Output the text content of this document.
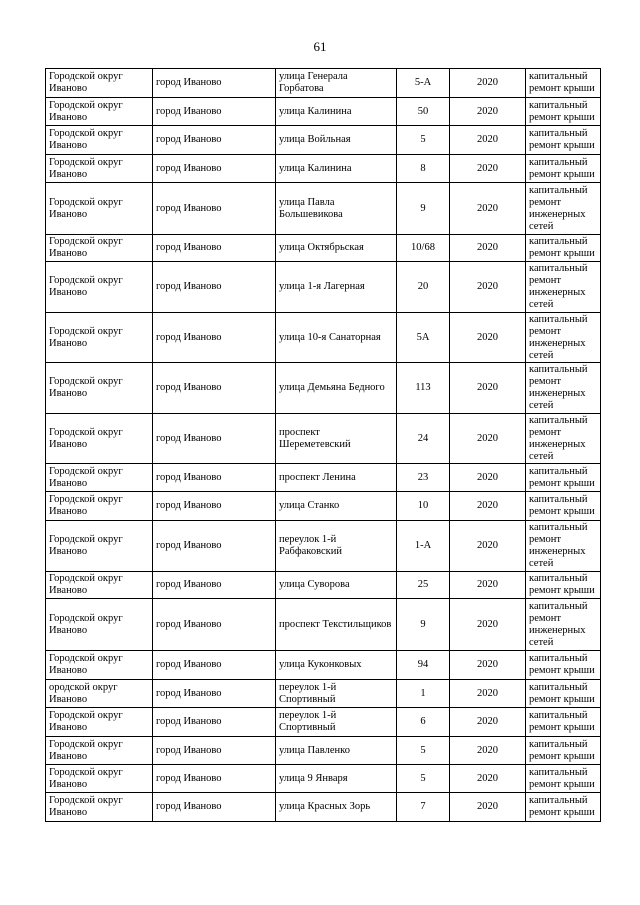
61
Городской округ Иваново	город Иваново	улица Генерала Горбатова	5-А	2020	капитальный ремонт крыши
Городской округ Иваново	город Иваново	улица Калинина	50	2020	капитальный ремонт крыши
Городской округ Иваново	город Иваново	улица Войльная	5	2020	капитальный ремонт крыши
Городской округ Иваново	город Иваново	улица Калинина	8	2020	капитальный ремонт крыши
Городской округ Иваново	город Иваново	улица Павла Большевикова	9	2020	капитальный ремонт инженерных сетей
Городской округ Иваново	город Иваново	улица Октябрьская	10/68	2020	капитальный ремонт крыши
Городской округ Иваново	город Иваново	улица 1-я Лагерная	20	2020	капитальный ремонт инженерных сетей
Городской округ Иваново	город Иваново	улица 10-я Санаторная	5А	2020	капитальный ремонт инженерных сетей
Городской округ Иваново	город Иваново	улица Демьяна Бедного	113	2020	капитальный ремонт инженерных сетей
Городской округ Иваново	город Иваново	проспект Шереметевский	24	2020	капитальный ремонт инженерных сетей
Городской округ Иваново	город Иваново	проспект Ленина	23	2020	капитальный ремонт крыши
Городской округ Иваново	город Иваново	улица Станко	10	2020	капитальный ремонт крыши
Городской округ Иваново	город Иваново	переулок 1-й Рабфаковский	1-А	2020	капитальный ремонт инженерных сетей
Городской округ Иваново	город Иваново	улица Суворова	25	2020	капитальный ремонт крыши
Городской округ Иваново	город Иваново	проспект Текстильщиков	9	2020	капитальный ремонт инженерных сетей
Городской округ Иваново	город Иваново	улица Куконковых	94	2020	капитальный ремонт крыши
ородской округ Иваново	город Иваново	переулок 1-й Спортивный	1	2020	капитальный ремонт крыши
Городской округ Иваново	город Иваново	переулок 1-й Спортивный	6	2020	капитальный ремонт крыши
Городской округ Иваново	город Иваново	улица Павленко	5	2020	капитальный ремонт крыши
Городской округ Иваново	город Иваново	улица 9 Января	5	2020	капитальный ремонт крыши
Городской округ Иваново	город Иваново	улица Красных Зорь	7	2020	капитальный ремонт крыши
